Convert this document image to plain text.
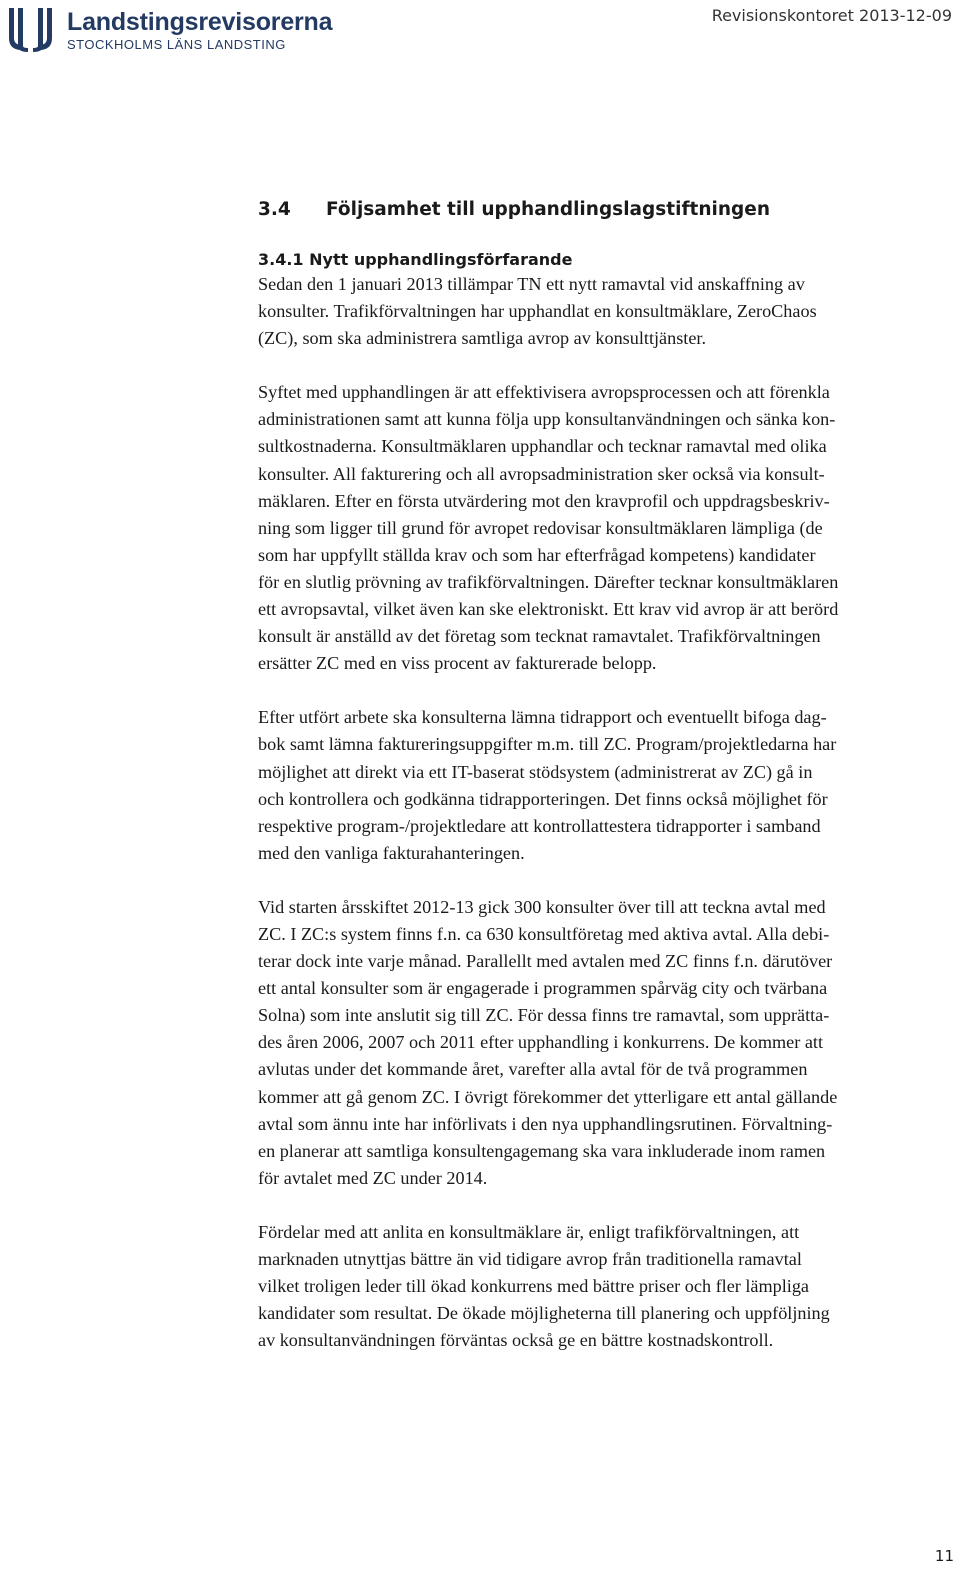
Landstingsrevisorerna
STOCKHOLMS LÄNS LANDSTING
Revisionskontoret 2013-12-09
3.4 Följsamhet till upphandlingslagstiftningen
3.4.1 Nytt upphandlingsförfarande

Sedan den 1 januari 2013 tillämpar TN ett nytt ramavtal vid anskaffning av
konsulter. Trafikförvaltningen har upphandlat en konsultmäklare, ZeroChaos
(ZC), som ska administrera samtliga avrop av konsulttjänster.

Syftet med upphandlingen är att effektivisera avropsprocessen och att förenkla
administrationen samt att kunna följa upp konsultanvändningen och sänka kon-
sultkostnaderna. Konsultmäklaren upphandlar och tecknar ramavtal med olika
konsulter. All fakturering och all avropsadministration sker också via konsult-
mäklaren. Efter en första utvärdering mot den kravprofil och uppdragsbeskriv-
ning som ligger till grund för avropet redovisar konsultmäklaren lämpliga (de
som har uppfyllt ställda krav och som har efterfrågad kompetens) kandidater
för en slutlig prövning av trafikförvaltningen. Därefter tecknar konsultmäklaren
ett avropsavtal, vilket även kan ske elektroniskt. Ett krav vid avrop är att berörd
konsult är anställd av det företag som tecknat ramavtalet. Trafikförvaltningen
ersätter ZC med en viss procent av fakturerade belopp.

Efter utfört arbete ska konsulterna lämna tidrapport och eventuellt bifoga dag-
bok samt lämna faktureringsuppgifter m.m. till ZC. Program/projektledarna har
möjlighet att direkt via ett IT-baserat stödsystem (administrerat av ZC) gå in
och kontrollera och godkänna tidrapporteringen. Det finns också möjlighet för
respektive program-/projektledare att kontrollattestera tidrapporter i samband
med den vanliga fakturahanteringen.

Vid starten årsskiftet 2012-13 gick 300 konsulter över till att teckna avtal med
ZC. I ZC:s system finns f.n. ca 630 konsultföretag med aktiva avtal. Alla debi-
terar dock inte varje månad. Parallellt med avtalen med ZC finns f.n. därutöver
ett antal konsulter som är engagerade i programmen spårväg city och tvärbana
Solna) som inte anslutit sig till ZC. För dessa finns tre ramavtal, som upprätta-
des åren 2006, 2007 och 2011 efter upphandling i konkurrens. De kommer att
avlutas under det kommande året, varefter alla avtal för de två programmen
kommer att gå genom ZC. I övrigt förekommer det ytterligare ett antal gällande
avtal som ännu inte har införlivats i den nya upphandlingsrutinen. Förvaltning-
en planerar att samtliga konsultengagemang ska vara inkluderade inom ramen
för avtalet med ZC under 2014.

Fördelar med att anlita en konsultmäklare är, enligt trafikförvaltningen, att
marknaden utnyttjas bättre än vid tidigare avrop från traditionella ramavtal
vilket troligen leder till ökad konkurrens med bättre priser och fler lämpliga
kandidater som resultat. De ökade möjligheterna till planering och uppföljning
av konsultanvändningen förväntas också ge en bättre kostnadskontroll.

11
